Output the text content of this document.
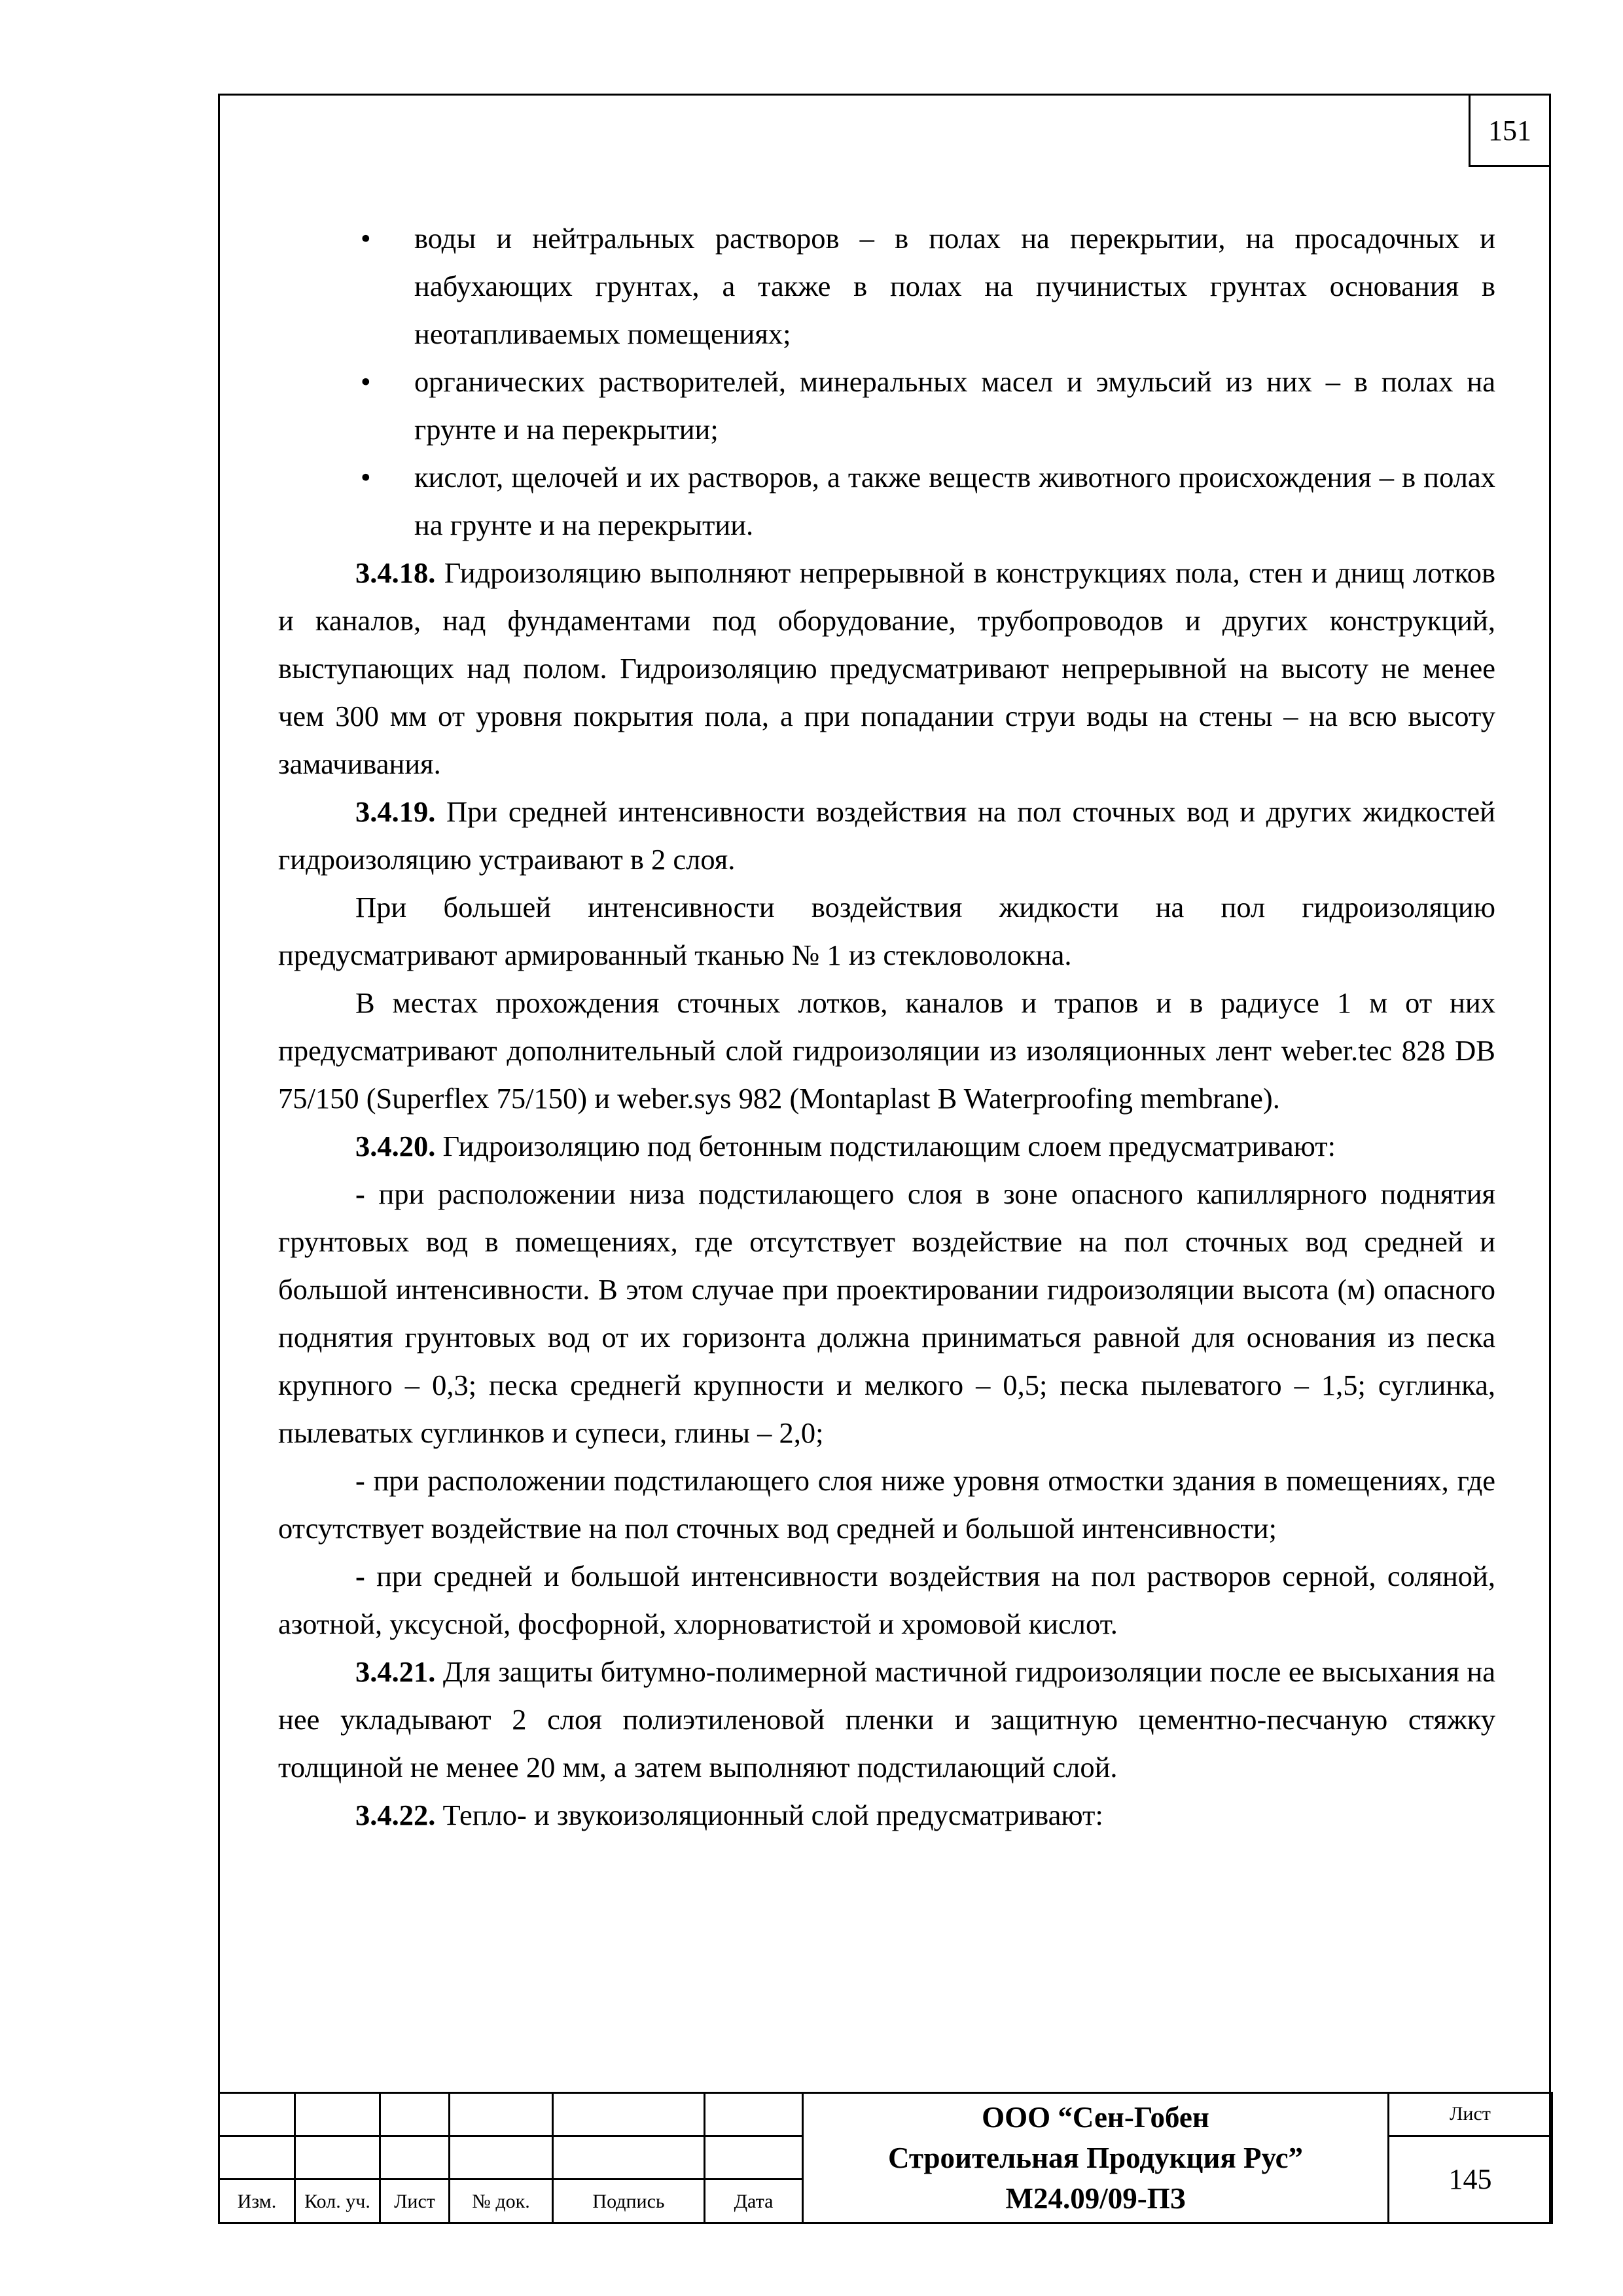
151

• воды и нейтральных растворов – в полах на перекрытии, на просадочных и набухающих грунтах, а также в полах на пучинистых грунтах основания в неотапливаемых помещениях;

• органических растворителей, минеральных масел и эмульсий из них – в полах на грунте и на перекрытии;

• кислот, щелочей и их растворов, а также веществ животного происхождения – в полах на грунте и на перекрытии.

3.4.18. Гидроизоляцию выполняют непрерывной в конструкциях пола, стен и днищ лотков и каналов, над фундаментами под оборудование, трубопроводов и других конструкций, выступающих над полом. Гидроизоляцию предусматривают непрерывной на высоту не менее чем 300 мм от уровня покрытия пола, а при попадании струи воды на стены – на всю высоту замачивания.

3.4.19. При средней интенсивности воздействия на пол сточных вод и других жидкостей гидроизоляцию устраивают в 2 слоя.

При большей интенсивности воздействия жидкости на пол гидроизоляцию предусматривают армированный тканью № 1 из стекловолокна.

В местах прохождения сточных лотков, каналов и трапов и в радиусе 1 м от них предусматривают дополнительный слой гидроизоляции из изоляционных лент weber.tec 828 DB 75/150 (Superflex 75/150) и weber.sys 982 (Montaplast B Waterproofing membrane).

3.4.20. Гидроизоляцию под бетонным подстилающим слоем предусматривают:

- при расположении низа подстилающего слоя в зоне опасного капиллярного поднятия грунтовых вод в помещениях, где отсутствует воздействие на пол сточных вод средней и большой интенсивности. В этом случае при проектировании гидроизоляции высота (м) опасного поднятия грунтовых вод от их горизонта должна приниматься равной для основания из песка крупного – 0,3; песка среднегй крупности и мелкого – 0,5; песка пылеватого – 1,5; суглинка, пылеватых суглинков и супеси, глины – 2,0;

- при расположении подстилающего слоя ниже уровня отмостки здания в помещениях, где отсутствует воздействие на пол сточных вод средней и большой интенсивности;

- при средней и большой интенсивности воздействия на пол растворов серной, соляной, азотной, уксусной, фосфорной, хлорноватистой и хромовой кислот.

3.4.21. Для защиты битумно-полимерной мастичной гидроизоляции после ее высыхания на нее укладывают 2 слоя полиэтиленовой пленки и защитную цементно-песчаную стяжку толщиной не менее 20 мм, а затем выполняют подстилающий слой.

3.4.22. Тепло- и звукоизоляционный слой предусматривают:

						ООО “Сен-Гобен
Строительная Продукция Рус”
М24.09/09-ПЗ	Лист
							145
Изм.	Кол. уч.	Лист	№ док.	Подпись	Дата		
